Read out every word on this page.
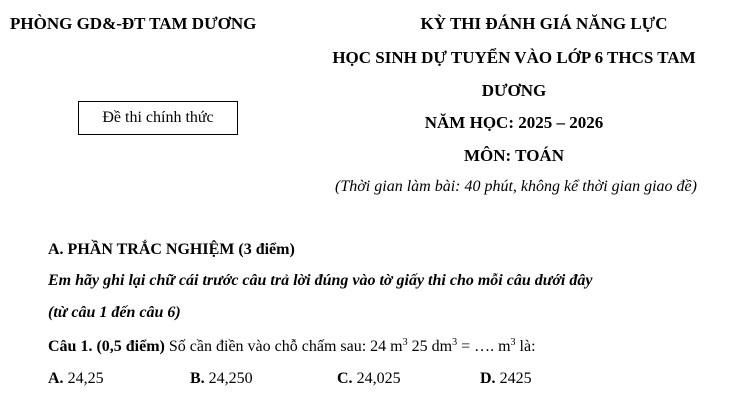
PHÒNG GD&-ĐT TAM DƯƠNG	KỲ THI ĐÁNH GIÁ NĂNG LỰC
HỌC SINH DỰ TUYỂN VÀO LỚP 6 THCS TAM
DƯƠNG
Đề thi chính thức	NĂM HỌC: 2025 – 2026
MÔN: TOÁN
(Thời gian làm bài: 40 phút, không kể thời gian giao đề)
A. PHẦN TRẮC NGHIỆM (3 điểm)
Em hãy ghi lại chữ cái trước câu trả lời đúng vào tờ giấy thi cho mỗi câu dưới đây
(từ câu 1 đến câu 6)
Câu 1. (0,5 điểm) Số cần điền vào chỗ chấm sau: 24 $m^3$ 25 $dm^3$ = …. $m^3$ là:
A. 24,25	B. 24,250	C. 24,025	D. 2425
